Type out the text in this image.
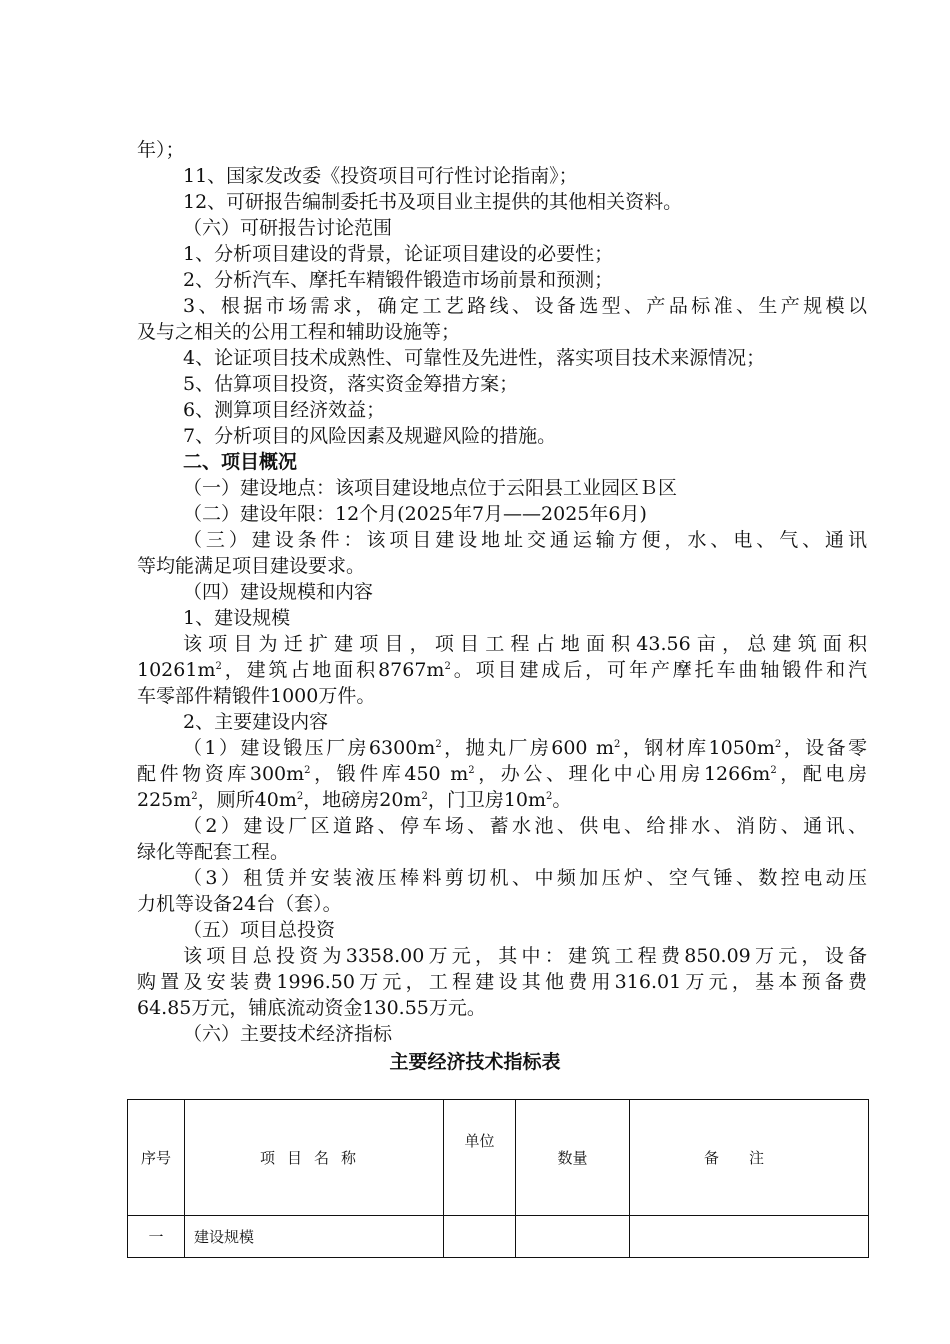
年）；
11、国家发改委《投资项目可行性讨论指南》；
12、可研报告编制委托书及项目业主提供的其他相关资料。
（六）可研报告讨论范围
1、分析项目建设的背景，论证项目建设的必要性；
2、分析汽车、摩托车精锻件锻造市场前景和预测；
3、根据市场需求，确定工艺路线、设备选型、产品标准、生产规模以
及与之相关的公用工程和辅助设施等；
4、论证项目技术成熟性、可靠性及先进性，落实项目技术来源情况；
5、估算项目投资，落实资金筹措方案；
6、测算项目经济效益；
7、分析项目的风险因素及规避风险的措施。
二、项目概况
（一）建设地点：该项目建设地点位于云阳县工业园区Ｂ区
（二）建设年限：12个月(2025年7月——2025年6月)
（三）建设条件：该项目建设地址交通运输方便，水、电、气、通讯
等均能满足项目建设要求。
（四）建设规模和内容
1、建设规模
该项目为迁扩建项目，项目工程占地面积43.56亩，总建筑面积
$10261m^2$，建筑占地面积$8767m^2$。项目建成后，可年产摩托车曲轴锻件和汽
车零部件精锻件1000万件。
2、主要建设内容
（1）建设锻压厂房$6300m^2$，抛丸厂房600 $m^2$，钢材库$1050m^2$，设备零
配件物资库$300m^2$，锻件库450 $m^2$，办公、理化中心用房$1266m^2$，配电房
$225m^2$，厕所$40m^2$，地磅房$20m^2$，门卫房$10m^2$。
（2）建设厂区道路、停车场、蓄水池、供电、给排水、消防、通讯、
绿化等配套工程。
（3）租赁并安装液压棒料剪切机、中频加压炉、空气锤、数控电动压
力机等设备24台（套）。
（五）项目总投资
该项目总投资为3358.00万元，其中：建筑工程费850.09万元，设备
购置及安装费1996.50万元，工程建设其他费用316.01万元，基本预备费
64.85万元，铺底流动资金130.55万元。
（六）主要技术经济指标
主要经济技术指标表
序号	项目名称	单位	数量	备注
一	建设规模			
